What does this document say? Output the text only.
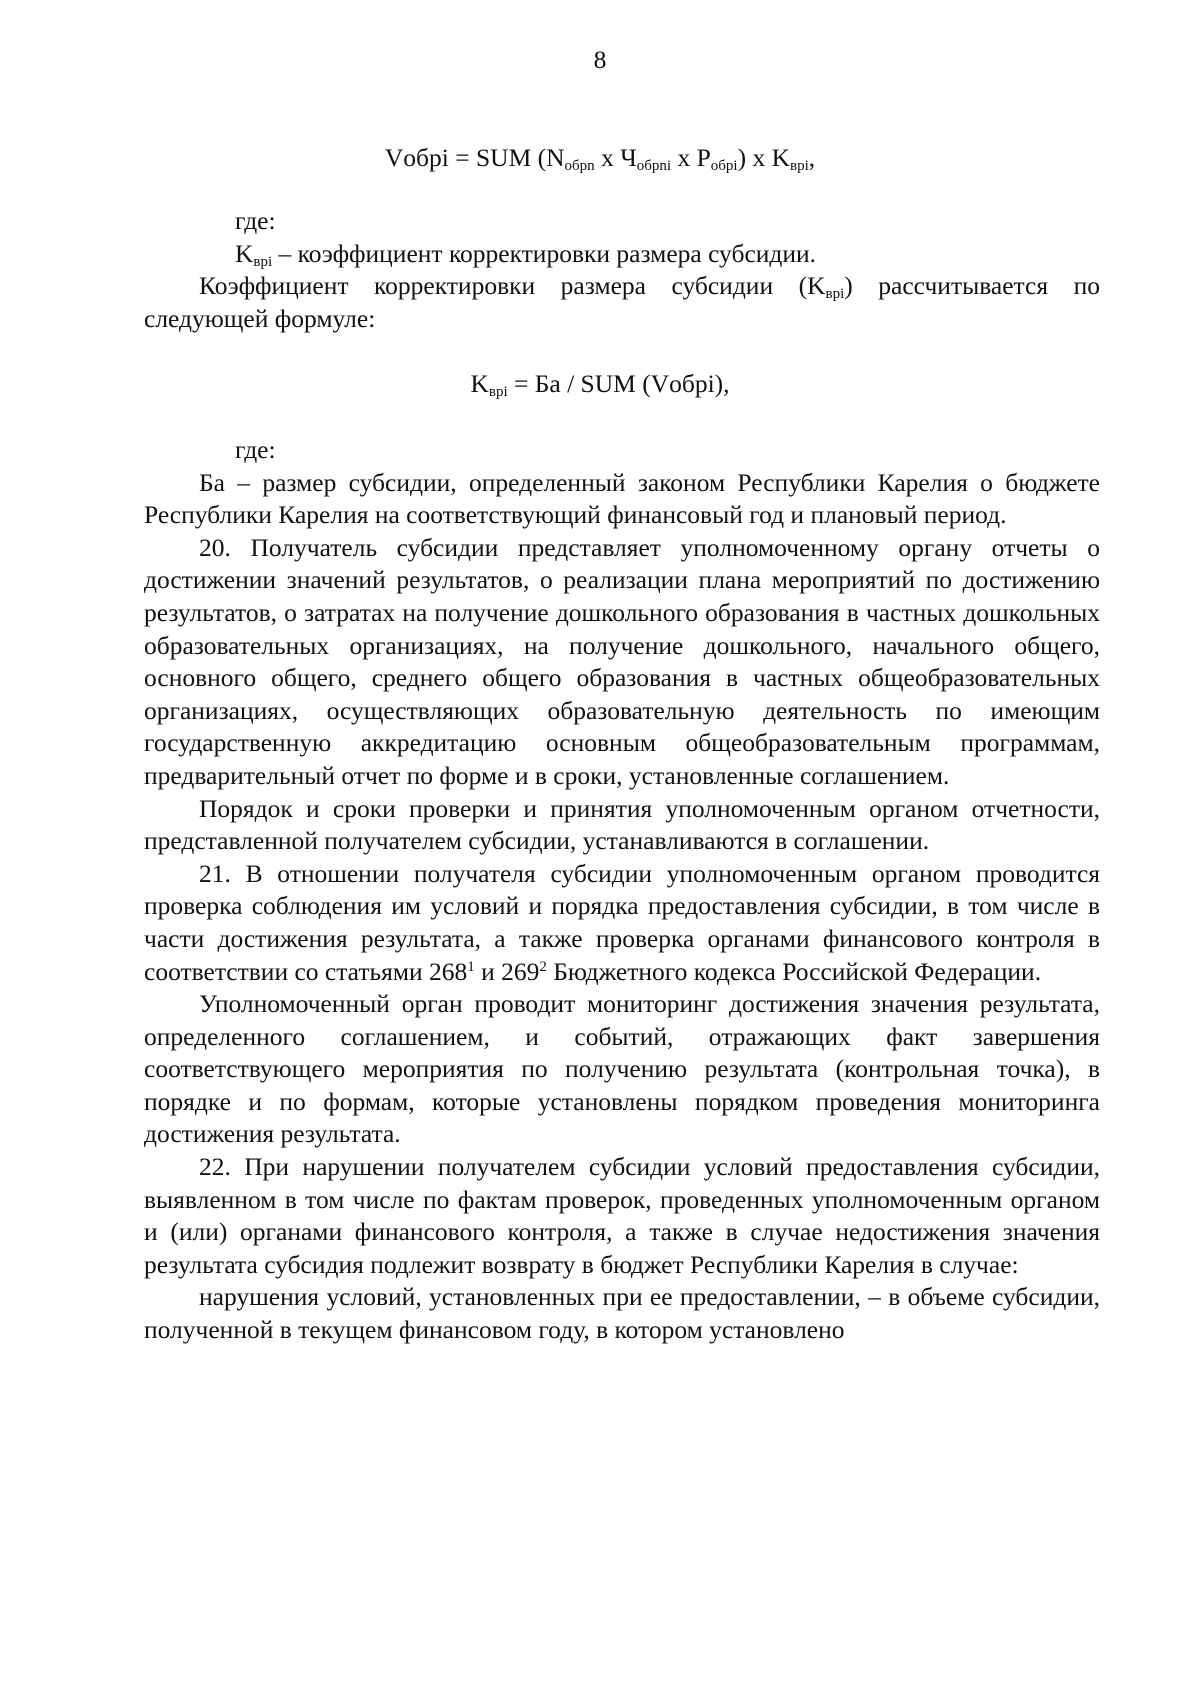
8
Vобрi = SUM ($N_{обрn}$ x $Ч_{обрni}$ x $P_{обрi}$) x $K_{врi}$,

где:

$K_{врi}$ – коэффициент корректировки размера субсидии.

Коэффициент корректировки размера субсидии $(K_{врi})$ рассчитывается по следующей формуле:

$K_{врi}$ = Ба / SUM (Vобрi),

где:

Ба – размер субсидии, определенный законом Республики Карелия о бюджете Республики Карелия на соответствующий финансовый год и плановый период.

20. Получатель субсидии представляет уполномоченному органу отчеты о достижении значений результатов, о реализации плана мероприятий по достижению результатов, о затратах на получение дошкольного образования в частных дошкольных образовательных организациях, на получение дошкольного, начального общего, основного общего, среднего общего образования в частных общеобразовательных организациях, осуществляющих образовательную деятельность по имеющим государственную аккредитацию основным общеобразовательным программам, предварительный отчет по форме и в сроки, установленные соглашением.

Порядок и сроки проверки и принятия уполномоченным органом отчетности, представленной получателем субсидии, устанавливаются в соглашении.

21. В отношении получателя субсидии уполномоченным органом проводится проверка соблюдения им условий и порядка предоставления субсидии, в том числе в части достижения результата, а также проверка органами финансового контроля в соответствии со статьями $268^1$ и $269^2$ Бюджетного кодекса Российской Федерации.

Уполномоченный орган проводит мониторинг достижения значения результата, определенного соглашением, и событий, отражающих факт завершения соответствующего мероприятия по получению результата (контрольная точка), в порядке и по формам, которые установлены порядком проведения мониторинга достижения результата.

22. При нарушении получателем субсидии условий предоставления субсидии, выявленном в том числе по фактам проверок, проведенных уполномоченным органом и (или) органами финансового контроля, а также в случае недостижения значения результата субсидия подлежит возврату в бюджет Республики Карелия в случае:

нарушения условий, установленных при ее предоставлении, – в объеме субсидии, полученной в текущем финансовом году, в котором установлено
